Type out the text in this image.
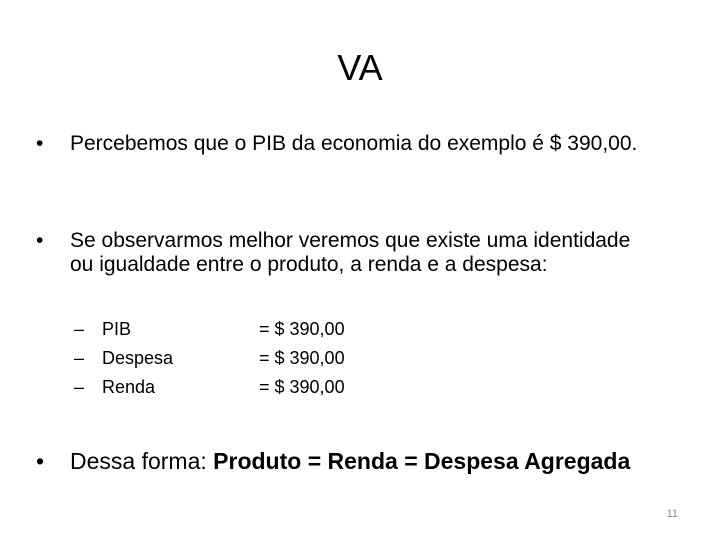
VA
• Percebemos que o PIB da economia do exemplo é $ 390,00.
• Se observarmos melhor veremos que existe uma identidade ou igualdade entre o produto, a renda e a despesa:
– PIB	= $ 390,00
– Despesa	= $ 390,00
– Renda	= $ 390,00
• Dessa forma: Produto = Renda = Despesa Agregada
11
